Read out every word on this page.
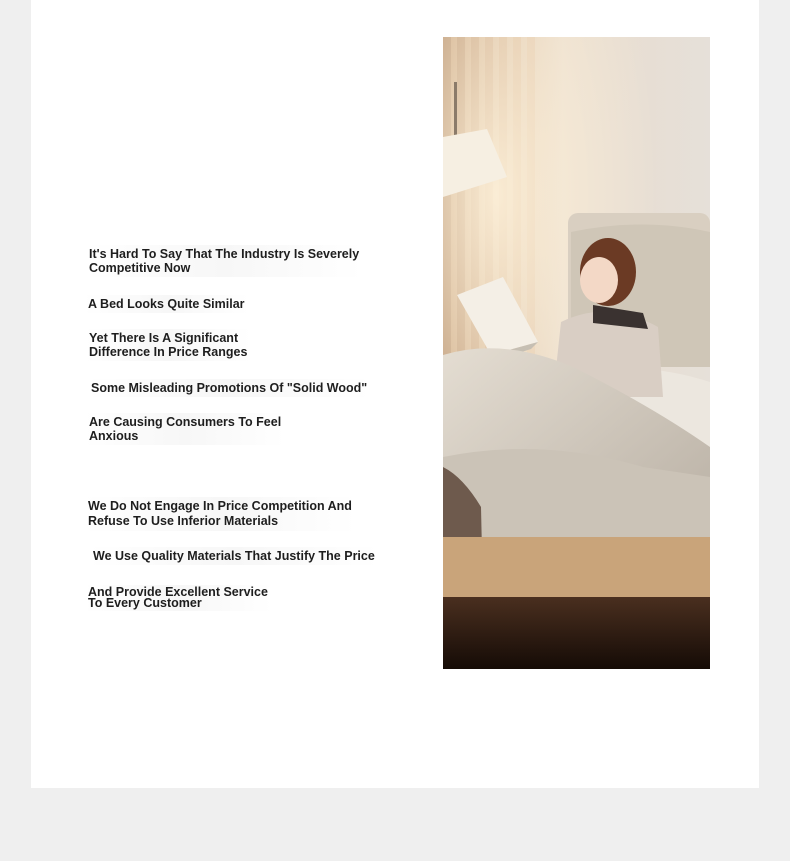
It's Hard To Say That The Industry Is Severely
Competitive Now
A Bed Looks Quite Similar
Yet There Is A Significant
Difference In Price Ranges
Some Misleading Promotions Of "Solid Wood"
Are Causing Consumers To Feel
Anxious
We Do Not Engage In Price Competition And
Refuse To Use Inferior Materials
We Use Quality Materials That Justify The Price
And Provide Excellent Service
To Every Customer
